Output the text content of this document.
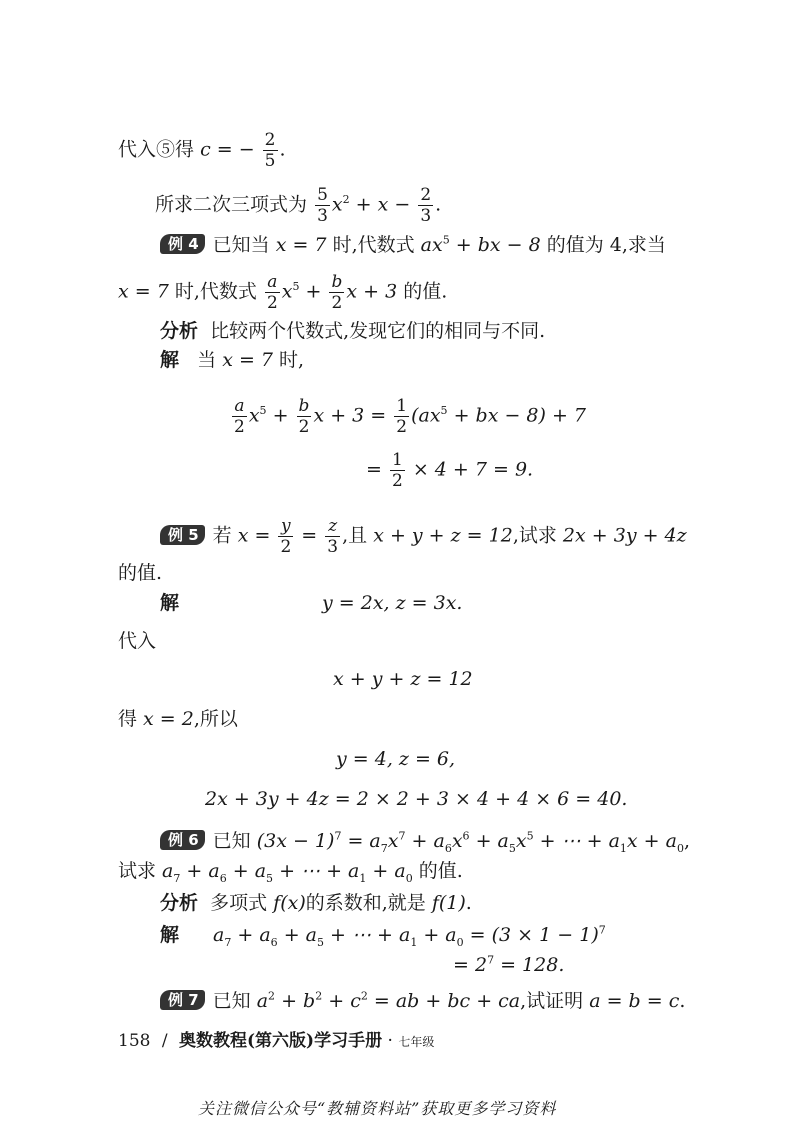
代入⑤得 c = − $\frac{2}{5}$ .
所求二次三项式为 $\frac{5}{3} x^2 + x - \frac{2}{3}$ .
例 4 已知当 x = 7 时,代数式 $ax^5$ + bx − 8 的值为 4,求当
x = 7 时,代数式 $\frac{a}{2} x^5 + \frac{b}{2}$ x + 3 的值.
分析 比较两个代数式,发现它们的相同与不同.
解 当 x = 7 时,
$\frac{a}{2} x^5 + \frac{b}{2}$ $x + 3 = \frac{1}{2} (ax^5$ + bx − 8) + 7
= $\frac{1}{2} \times 4 + 7 = 9$.
例 5 若 $x = \frac{y}{2} = \frac{z}{3}$ ,且 x + y + z = 12,试求 2x + 3y + 4z
的值.
解	y = 2x, z = 3x.
代入
x + y + z = 12
得 x = 2,所以
y = 4, z = 6,
2x + 3y + 4z = 2 × 2 + 3 × 4 + 4 × 6 = 40.
例 6 已知 $(3x - 1)^7 = a_7x^7 + a_6x^6 + a_5x^5$ + ⋯ + $a_1x + a_0$,
试求 $a_7 + a_6 + a_5$ + ⋯ + $a_1 + a_0$ 的值.
分析 多项式 f(x)的系数和,就是 f(1).
解 $a_7 + a_6 + a_5$ + ⋯ + $a_1 + a_0 = (3 \times 1 - 1)^7$
= $2^7 = 128$.
例 7 已知 $a^2 + b^2 + c^2$ = ab + bc + ca,试证明 a = b = c.
158 / 奥数教程(第六版)学习手册 · 七年级
关注微信公众号“教辅资料站”获取更多学习资料
